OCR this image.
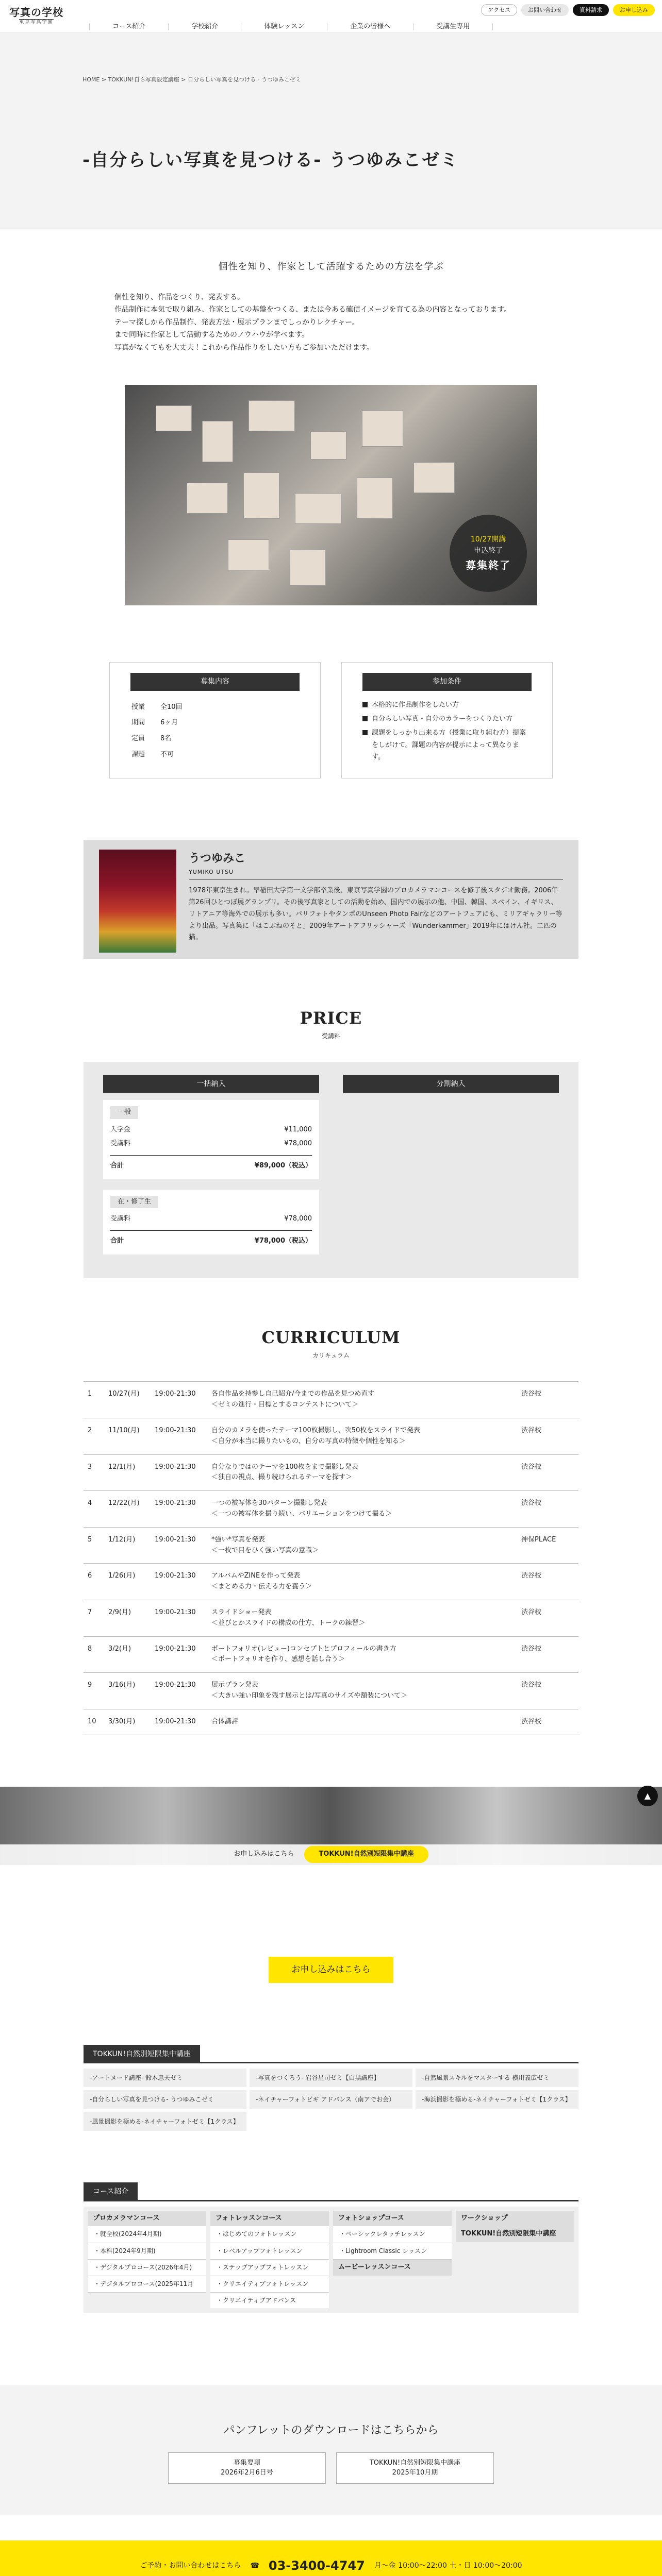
写真の学校
東京写真学園
コース紹介	学校紹介	体験レッスン	企業の皆様へ	受講生専用
アクセス	お問い合わせ	資料請求	お申し込み
HOME > TOKKUN!自ら写真限定講座 > 自分らしい写真を見つける - うつゆみこゼミ
-自分らしい写真を見つける- うつゆみこゼミ
個性を知り、作家として活躍するための方法を学ぶ

個性を知り、作品をつくり、発表する。

作品制作に本気で取り組み、作家としての基盤をつくる、または今ある確信イメージを育てる為の内容となっております。

テーマ探しから作品制作、発表方法・展示プランまでしっかりレクチャー。

まで同時に作家として活動するためのノウハウが学べます。

写真がなくてもを大丈夫！これから作品作りをしたい方もご参加いただけます。

10/27開講
申込終了
募集終了
募集内容
授業	全10回
期間	6ヶ月
定員	8名
課題	不可
参加条件
本格的に作品制作をしたい方
自分らしい写真・自分のカラーをつくりたい方
課題をしっかり出来る方（授業に取り組む方）提案をしがけて。課題の内容が提示によって異なります。
うつゆみこ
YUMIKO UTSU
1978年東京生まれ。早稲田大学第一文学部卒業後、東京写真学園のプロカメラマンコースを修了後スタジオ勤務。2006年第26回ひとつぼ展グランプリ。その後写真家としての活動を始め、国内での展示の他、中国、韓国、スペイン、イギリス、リトアニア等海外での展示も多い。パリフォトやタンポのUnseen Photo Fairなどのアートフェアにも、ミリアギャラリー等より出品。写真集に「はこぶねのそと」2009年アートアフリッシャーズ「Wunderkammer」2019年にはけん社。二匹の猫。
PRICE
受講料
一括納入
一般
入学金	¥11,000
受講料	¥78,000
合計	¥89,000（税込）
在・修了生
受講料	¥78,000
合計	¥78,000（税込）
分割納入
CURRICULUM
カリキュラム
1	10/27(月)	19:00-21:30	各自作品を持参し自己紹介/今までの作品を見つめ直す
＜ゼミの進行・目標とするコンテストについて＞	渋谷校
2	11/10(月)	19:00-21:30	自分のカメラを使ったテーマ100枚撮影し、次50枚をスライドで発表
＜自分が本当に撮りたいもの、自分の写真の特徴や個性を知る＞	渋谷校
3	12/1(月)	19:00-21:30	自分なりではのテーマを100枚をまで撮影し発表
＜独自の視点、撮り続けられるテーマを探す＞	渋谷校
4	12/22(月)	19:00-21:30	一つの被写体を30パターン撮影し発表
＜一つの被写体を撮り続い、バリエーションをつけて撮る＞	渋谷校
5	1/12(月)	19:00-21:30	*強い*写真を発表
＜一枚で目をひく強い写真の意識＞	神保PLACE
6	1/26(月)	19:00-21:30	アルバムやZINEを作って発表
＜まとめる力・伝える力を養う＞	渋谷校
7	2/9(月)	19:00-21:30	スライドショー発表
＜並びとかスライドの構成の仕方、トークの練習＞	渋谷校
8	3/2(月)	19:00-21:30	ポートフォリオ(レビュー)コンセプトとプロフィールの書き方
＜ポートフォリオを作り、感想を話し合う＞	渋谷校
9	3/16(月)	19:00-21:30	展示プラン発表
＜大きい強い印象を残す展示とは/写真のサイズや額装について＞	渋谷校
10	3/30(月)	19:00-21:30	合体講評	渋谷校
▲
お申し込みはこちら	TOKKUN!自然別短限集中講座
お申し込みはこちら
TOKKUN!自然別短限集中講座
-アートヌード講座- 鈴木忠夫ゼミ	-写真をつくろう- 岩谷星司ゼミ【白黒講座】	-自然風景スキルをマスターする 横川義広ゼミ
-自分らしい写真を見つける- うつゆみこゼミ	-ネイチャーフォトビギ アドバンス（南アでお会）	-海浜撮影を極める-ネイチャーフォトゼミ【1クラス】
-風景撮影を極める-ネイチャーフォトゼミ【1クラス】
コース紹介
プロカメラマンコース
・就全校(2024年4月期)
・本科(2024年9月期)
・デジタルプロコース(2026年4月)
・デジタルプロコース(2025年11月
フォトレッスンコース
・はじめてのフォトレッスン
・レベルアップフォトレッスン
・ステップアップフォトレッスン
・クリエイティブフォトレッスン
・クリエイティブアドバンス
フォトショップコース
・ベーシックレタッチレッスン
・Lightroom Classic レッスン
ムービーレッスンコース
ワークショップ
TOKKUN!自然別短限集中講座
パンフレットのダウンロードはこちらから
募集要項
2026年2月6日号
TOKKUN!自然別短限集中講座
2025年10月期
ご予約・お問い合わせはこちら ☎ 03-3400-4747 月〜金 10:00〜22:00 土・日 10:00〜20:00
